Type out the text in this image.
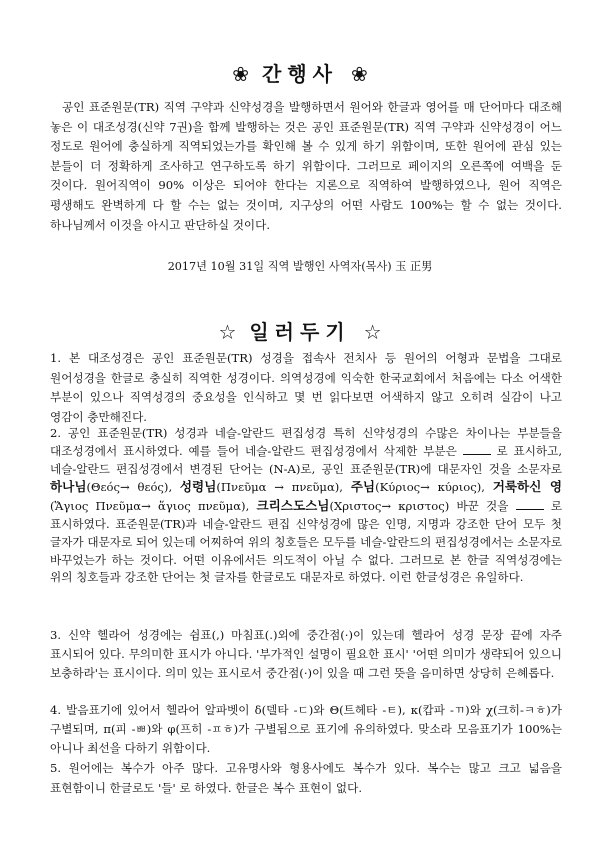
❀ 간행사 ❀
공인 표준원문(TR) 직역 구약과 신약성경을 발행하면서 원어와 한글과 영어를 매 단어마다 대조해 놓은 이 대조성경(신약 7권)을 함께 발행하는 것은 공인 표준원문(TR) 직역 구약과 신약성경이 어느 정도로 원어에 충실하게 직역되었는가를 확인해 볼 수 있게 하기 위함이며, 또한 원어에 관심 있는 분들이 더 정확하게 조사하고 연구하도록 하기 위함이다. 그러므로 페이지의 오른쪽에 여백을 둔 것이다. 원어직역이 90% 이상은 되어야 한다는 지론으로 직역하여 발행하였으나, 원어 직역은 평생해도 완벽하게 다 할 수는 없는 것이며, 지구상의 어떤 사람도 100%는 할 수 없는 것이다. 하나님께서 이것을 아시고 판단하실 것이다.
2017년 10월 31일 직역 발행인 사역자(목사) 玉 正男
☆ 일러두기 ☆
1. 본 대조성경은 공인 표준원문(TR) 성경을 접속사 전치사 등 원어의 어형과 문법을 그대로 원어성경을 한글로 충실히 직역한 성경이다. 의역성경에 익숙한 한국교회에서 처음에는 다소 어색한 부분이 있으나 직역성경의 중요성을 인식하고 몇 번 읽다보면 어색하지 않고 오히려 실감이 나고 영감이 충만해진다.
2. 공인 표준원문(TR) 성경과 네슬-알란드 편집성경 특히 신약성경의 수많은 차이나는 부분들을 대조성경에서 표시하였다. 예를 들어 네슬-알란드 편집성경에서 삭제한 부분은	로 표시하고, 네슬-알란드 편집성경에서 변경된 단어는 (N-A)로, 공인 표준원문(TR)에 대문자인 것을 소문자로 하나님(Θεός→ θεός), 성령님(Πνεῦμα → πνεῦμα), 주님(Κύριος→ κύριος), 거룩하신 영(Ἅγιος Πνεῦμα→ ἅγιος πνεῦμα), 크리스도스님(Χριστος→ κριστος) 바꾼 것을	로 표시하였다. 표준원문(TR)과 네슬-알란드 편집 신약성경에 많은 인명, 지명과 강조한 단어 모두 첫 글자가 대문자로 되어 있는데 어찌하여 위의 칭호들은 모두를 네슬-알란드의 편집성경에서는 소문자로 바꾸었는가 하는 것이다. 어떤 이유에서든 의도적이 아닐 수 없다. 그러므로 본 한글 직역성경에는 위의 칭호들과 강조한 단어는 첫 글자를 한글로도 대문자로 하였다. 이런 한글성경은 유일하다.
3. 신약 헬라어 성경에는 쉼표(,) 마침표(.)외에 중간점(·)이 있는데 헬라어 성경 문장 끝에 자주 표시되어 있다. 무의미한 표시가 아니다. '부가적인 설명이 필요한 표시' '어떤 의미가 생략되어 있으니 보충하라'는 표시이다. 의미 있는 표시로서 중간점(·)이 있을 때 그런 뜻을 음미하면 상당히 은혜롭다.
4. 발음표기에 있어서 헬라어 알파벳이 δ(델타 -ㄷ)와 Θ(트헤타 -ㅌ), κ(캅파 -ㄲ)와 χ(크히-ㅋㅎ)가 구별되며, π(피 -ㅃ)와 φ(프히 -ㅍㅎ)가 구별됨으로 표기에 유의하였다. 맞소라 모음표기가 100%는 아니나 최선을 다하기 위함이다.
5. 원어에는 복수가 아주 많다. 고유명사와 형용사에도 복수가 있다. 복수는 많고 크고 넓음을 표현함이니 한글로도 '들' 로 하였다. 한글은 복수 표현이 없다.
